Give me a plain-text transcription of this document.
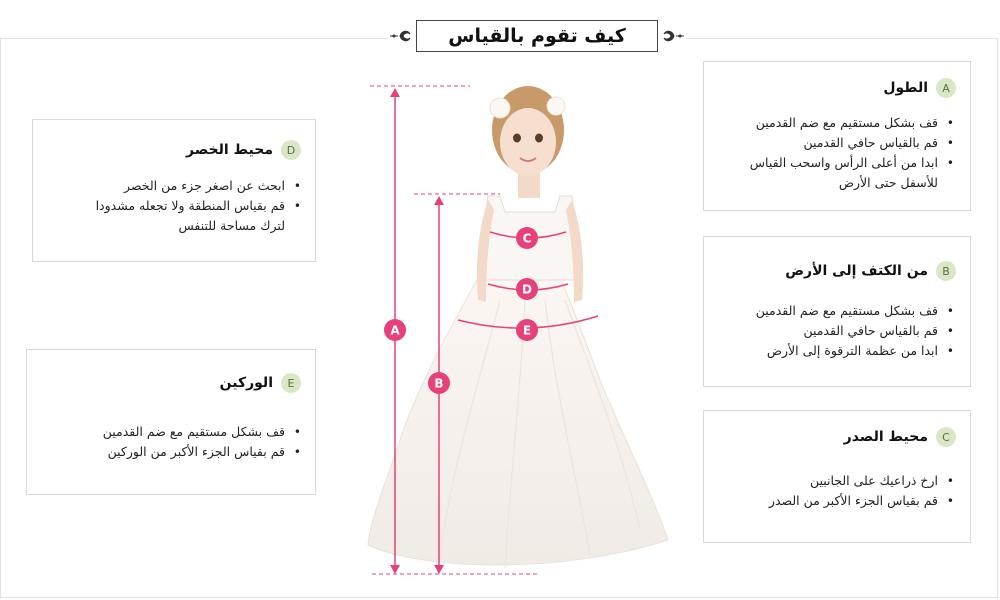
كيف تقوم بالقياس
A
الطول
• قف بشكل مستقيم مع ضم القدمين
• قم بالقياس حافي القدمين
• ابدا من أعلى الرأس واسحب القياس
للأسفل حتى الأرض
B
من الكتف إلى الأرض
• قف بشكل مستقيم مع ضم القدمين
• قم بالقياس حافي القدمين
• ابدا من عظمة الترقوة إلى الأرض
C
محيط الصدر
• ارخ ذراعيك على الجانبين
• قم بقياس الجزء الأكبر من الصدر
D
محيط الخصر
• ابحث عن اصغر جزء من الخصر
• قم بقياس المنطقة ولا تجعله مشدودا
لترك مساحة للتنفس
E
الوركين
• قف بشكل مستقيم مع ضم القدمين
• قم بقياس الجزء الأكبر من الوركين
A
B
C
D
E
